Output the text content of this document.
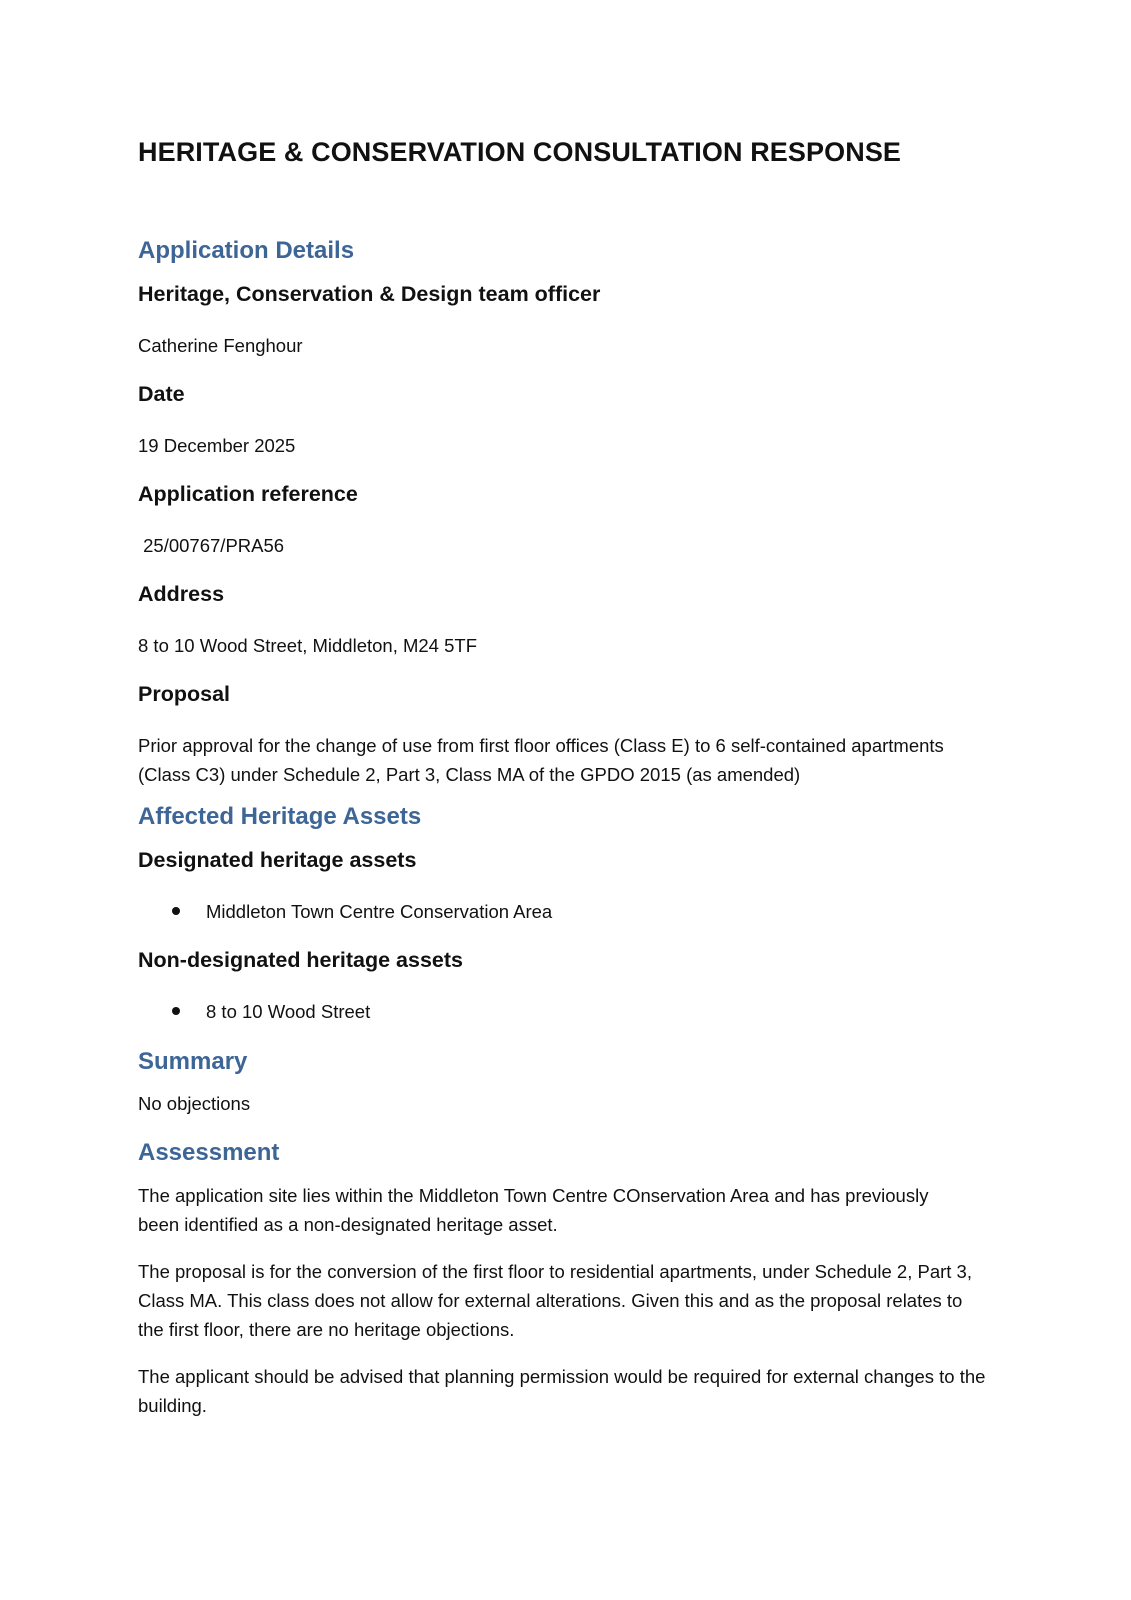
HERITAGE & CONSERVATION CONSULTATION RESPONSE
Application Details
Heritage, Conservation & Design team officer

Catherine Fenghour

Date

19 December 2025

Application reference

25/00767/PRA56

Address

8 to 10 Wood Street, Middleton, M24 5TF

Proposal

Prior approval for the change of use from first floor offices (Class E) to 6 self-contained apartments (Class C3) under Schedule 2, Part 3, Class MA of the GPDO 2015 (as amended)

Affected Heritage Assets
Designated heritage assets
Middleton Town Centre Conservation Area
Non-designated heritage assets
8 to 10 Wood Street
Summary

No objections

Assessment

The application site lies within the Middleton Town Centre COnservation Area and has previously been identified as a non-designated heritage asset.

The proposal is for the conversion of the first floor to residential apartments, under Schedule 2, Part 3, Class MA. This class does not allow for external alterations. Given this and as the proposal relates to the first floor, there are no heritage objections.

The applicant should be advised that planning permission would be required for external changes to the building.
